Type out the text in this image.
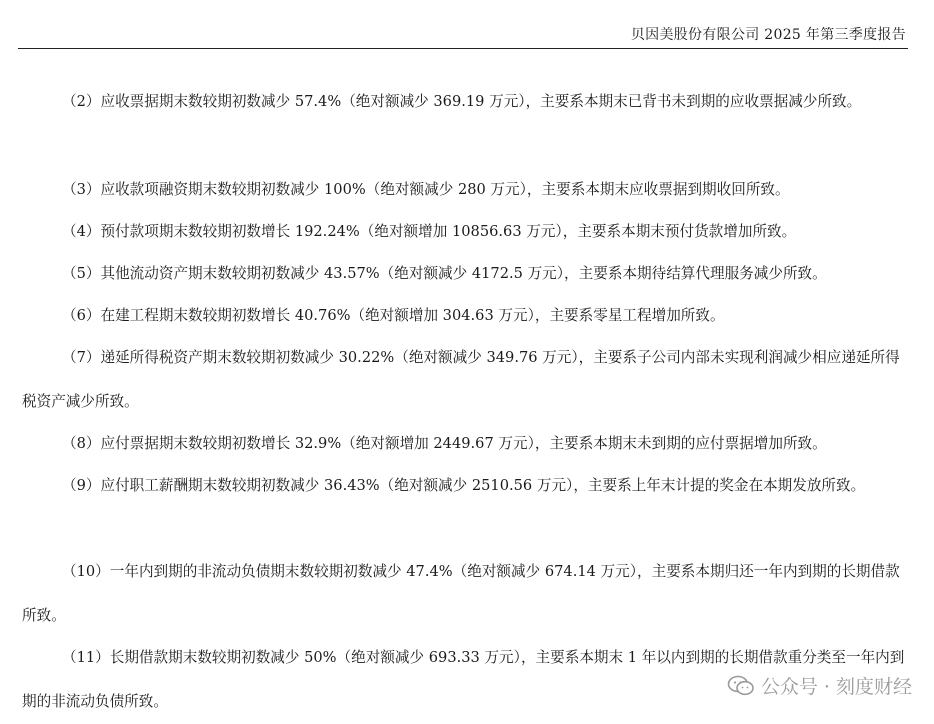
贝因美股份有限公司 2025 年第三季度报告
（2）应收票据期末数较期初数减少 57.4%（绝对额减少 369.19 万元），主要系本期末已背书未到期的应收票据减少所致。
（3）应收款项融资期末数较期初数减少 100%（绝对额减少 280 万元），主要系本期末应收票据到期收回所致。
（4）预付款项期末数较期初数增长 192.24%（绝对额增加 10856.63 万元），主要系本期末预付货款增加所致。
（5）其他流动资产期末数较期初数减少 43.57%（绝对额减少 4172.5 万元），主要系本期待结算代理服务减少所致。
（6）在建工程期末数较期初数增长 40.76%（绝对额增加 304.63 万元），主要系零星工程增加所致。
（7）递延所得税资产期末数较期初数减少 30.22%（绝对额减少 349.76 万元），主要系子公司内部未实现利润减少相应递延所得税资产减少所致。
（8）应付票据期末数较期初数增长 32.9%（绝对额增加 2449.67 万元），主要系本期末未到期的应付票据增加所致。
（9）应付职工薪酬期末数较期初数减少 36.43%（绝对额减少 2510.56 万元），主要系上年末计提的奖金在本期发放所致。
（10）一年内到期的非流动负债期末数较期初数减少 47.4%（绝对额减少 674.14 万元），主要系本期归还一年内到期的长期借款所致。
（11）长期借款期末数较期初数减少 50%（绝对额减少 693.33 万元），主要系本期末 1 年以内到期的长期借款重分类至一年内到期的非流动负债所致。
公众号 · 刻度财经
